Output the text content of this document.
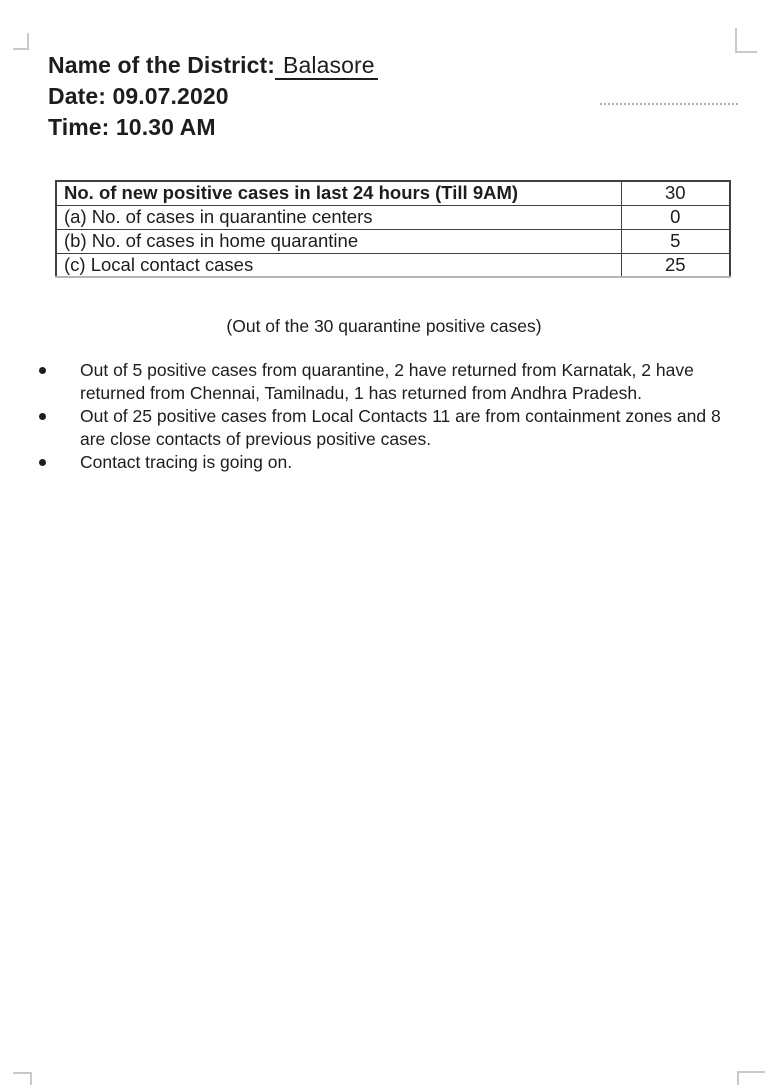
Name of the District: Balasore
Date: 09.07.2020
Time: 10.30 AM
No. of new positive cases in last 24 hours (Till 9AM)	30
(a) No. of cases in quarantine centers	0
(b) No. of cases in home quarantine	5
(c) Local contact cases	25
(Out of the 30 quarantine positive cases)
Out of 5 positive cases from quarantine, 2 have returned from Karnatak, 2 have returned from Chennai, Tamilnadu, 1 has returned from Andhra Pradesh.
Out of 25 positive cases from Local Contacts 11 are from containment zones and 8 are close contacts of previous positive cases.
Contact tracing is going on.
